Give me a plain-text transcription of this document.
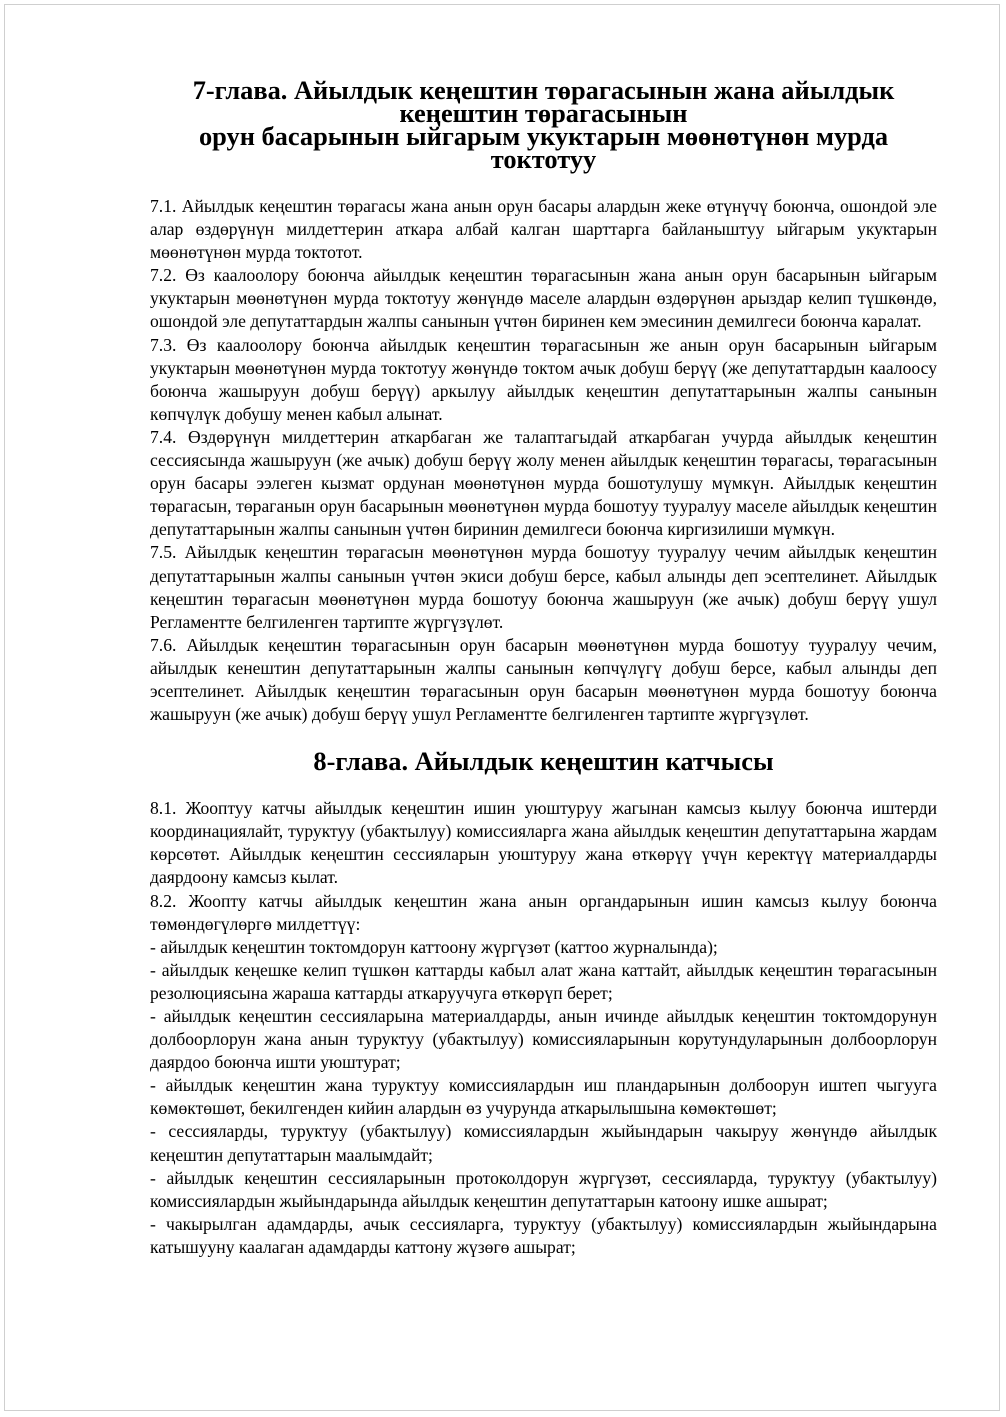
7-глава. Айылдык кеңештин төрагасынын жана айылдык кеңештин төрагасынын
орун басарынын ыйгарым укуктарын мөөнөтүнөн мурда токтотуу

7.1. Айылдык кеңештин төрагасы жана анын орун басары алардын жеке өтүнүчү боюнча, ошондой эле алар өздөрүнүн милдеттерин аткара албай калган шарттарга байланыштуу ыйгарым укуктарын мөөнөтүнөн мурда токтотот.

7.2. Өз каалоолору боюнча айылдык кеңештин төрагасынын жана анын орун басарынын ыйгарым укуктарын мөөнөтүнөн мурда токтотуу жөнүндө маселе алардын өздөрүнөн арыздар келип түшкөндө, ошондой эле депутаттардын жалпы санынын үчтөн биринен кем эмесинин демилгеси боюнча каралат.

7.3. Өз каалоолору боюнча айылдык кеңештин төрагасынын же анын орун басарынын ыйгарым укуктарын мөөнөтүнөн мурда токтотуу жөнүндө токтом ачык добуш берүү (же депутаттардын каалоосу боюнча жашыруун добуш берүү) аркылуу айылдык кеңештин депутаттарынын жалпы санынын көпчүлүк добушу менен кабыл алынат.

7.4. Өздөрүнүн милдеттерин аткарбаган же талаптагыдай аткарбаган учурда айылдык кеңештин сессиясында жашыруун (же ачык) добуш берүү жолу менен айылдык кеңештин төрагасы, төрагасынын орун басары ээлеген кызмат ордунан мөөнөтүнөн мурда бошотулушу мүмкүн. Айылдык кеңештин төрагасын, төраганын орун басарынын мөөнөтүнөн мурда бошотуу тууралуу маселе айылдык кеңештин депутаттарынын жалпы санынын үчтөн биринин демилгеси боюнча киргизилиши мүмкүн.

7.5. Айылдык кеңештин төрагасын мөөнөтүнөн мурда бошотуу тууралуу чечим айылдык кеңештин депутаттарынын жалпы санынын үчтөн экиси добуш берсе, кабыл алынды деп эсептелинет. Айылдык кеңештин төрагасын мөөнөтүнөн мурда бошотуу боюнча жашыруун (же ачык) добуш берүү ушул Регламентте белгиленген тартипте жүргүзүлөт.

7.6. Айылдык кеңештин төрагасынын орун басарын мөөнөтүнөн мурда бошотуу тууралуу чечим, айылдык кенештин депутаттарынын жалпы санынын көпчүлүгү добуш берсе, кабыл алынды деп эсептелинет. Айылдык кеңештин төрагасынын орун басарын мөөнөтүнөн мурда бошотуу боюнча жашыруун (же ачык) добуш берүү ушул Регламентте белгиленген тартипте жүргүзүлөт.

8-глава. Айылдык кеңештин катчысы

8.1. Жооптуу катчы айылдык кеңештин ишин уюштуруу жагынан камсыз кылуу боюнча иштерди координациялайт, туруктуу (убактылуу) комиссияларга жана айылдык кеңештин депутаттарына жардам көрсөтөт. Айылдык кеңештин сессияларын уюштуруу жана өткөрүү үчүн керектүү материалдарды даярдоону камсыз кылат.

8.2. Жоопту катчы айылдык кеңештин жана анын органдарынын ишин камсыз кылуу боюнча төмөндөгүлөргө милдеттүү:

- айылдык кеңештин токтомдорун каттоону жүргүзөт (каттоо журналында);

- айылдык кеңешке келип түшкөн каттарды кабыл алат жана каттайт, айылдык кеңештин төрагасынын резолюциясына жараша каттарды аткаруучуга өткөрүп берет;

- айылдык кеңештин сессияларына материалдарды, анын ичинде айылдык кеңештин токтомдорунун долбоорлорун жана анын туруктуу (убактылуу) комиссияларынын корутундуларынын долбоорлорун даярдоо боюнча ишти уюштурат;

- айылдык кеңештин жана туруктуу комиссиялардын иш пландарынын долбоорун иштеп чыгууга көмөктөшөт, бекилгенден кийин алардын өз учурунда аткарылышына көмөктөшөт;

- сессияларды, туруктуу (убактылуу) комиссиялардын жыйындарын чакыруу жөнүндө айылдык кеңештин депутаттарын маалымдайт;

- айылдык кеңештин сессияларынын протоколдорун жүргүзөт, сессияларда, туруктуу (убактылуу) комиссиялардын жыйындарында айылдык кеңештин депутаттарын катоону ишке ашырат;

- чакырылган адамдарды, ачык сессияларга, туруктуу (убактылуу) комиссиялардын жыйындарына катышууну каалаган адамдарды каттону жүзөгө ашырат;
